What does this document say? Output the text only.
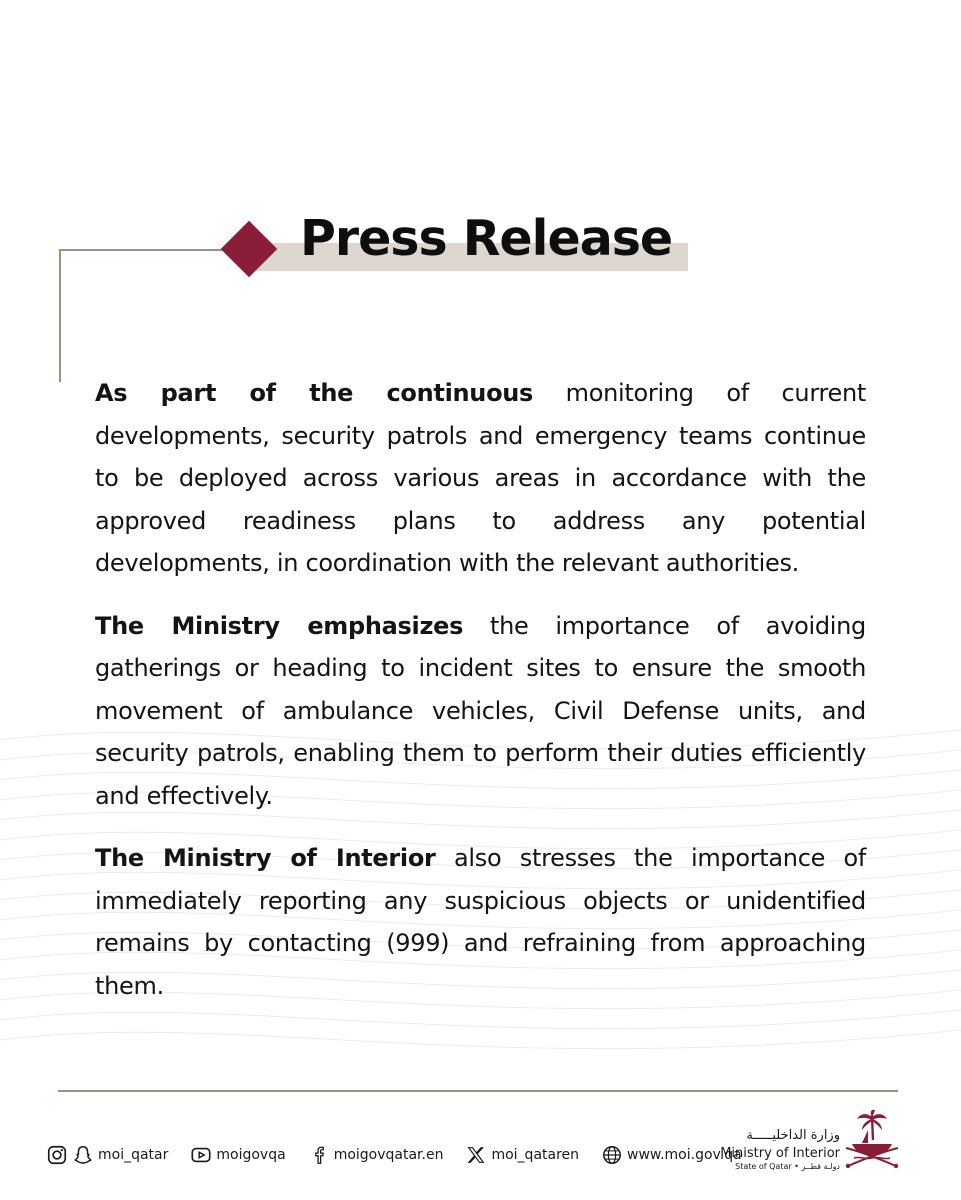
Press Release

As part of the continuous monitoring of current developments, security patrols and emergency teams continue to be deployed across various areas in accordance with the approved readiness plans to address any potential developments, in coordination with the relevant authorities.

The Ministry emphasizes the importance of avoiding gatherings or heading to incident sites to ensure the smooth movement of ambulance vehicles, Civil Defense units, and security patrols, enabling them to perform their duties efficiently and effectively.

The Ministry of Interior also stresses the importance of immediately reporting any suspicious objects or unidentified remains by contacting (999) and refraining from approaching them.

moi_qatar	moigovqa	moigovqatar.en	moi_qataren	www.moi.gov.qa
وزارة الداخليـــــة
Ministry of Interior
State of Qatar • دولـة قطــر
